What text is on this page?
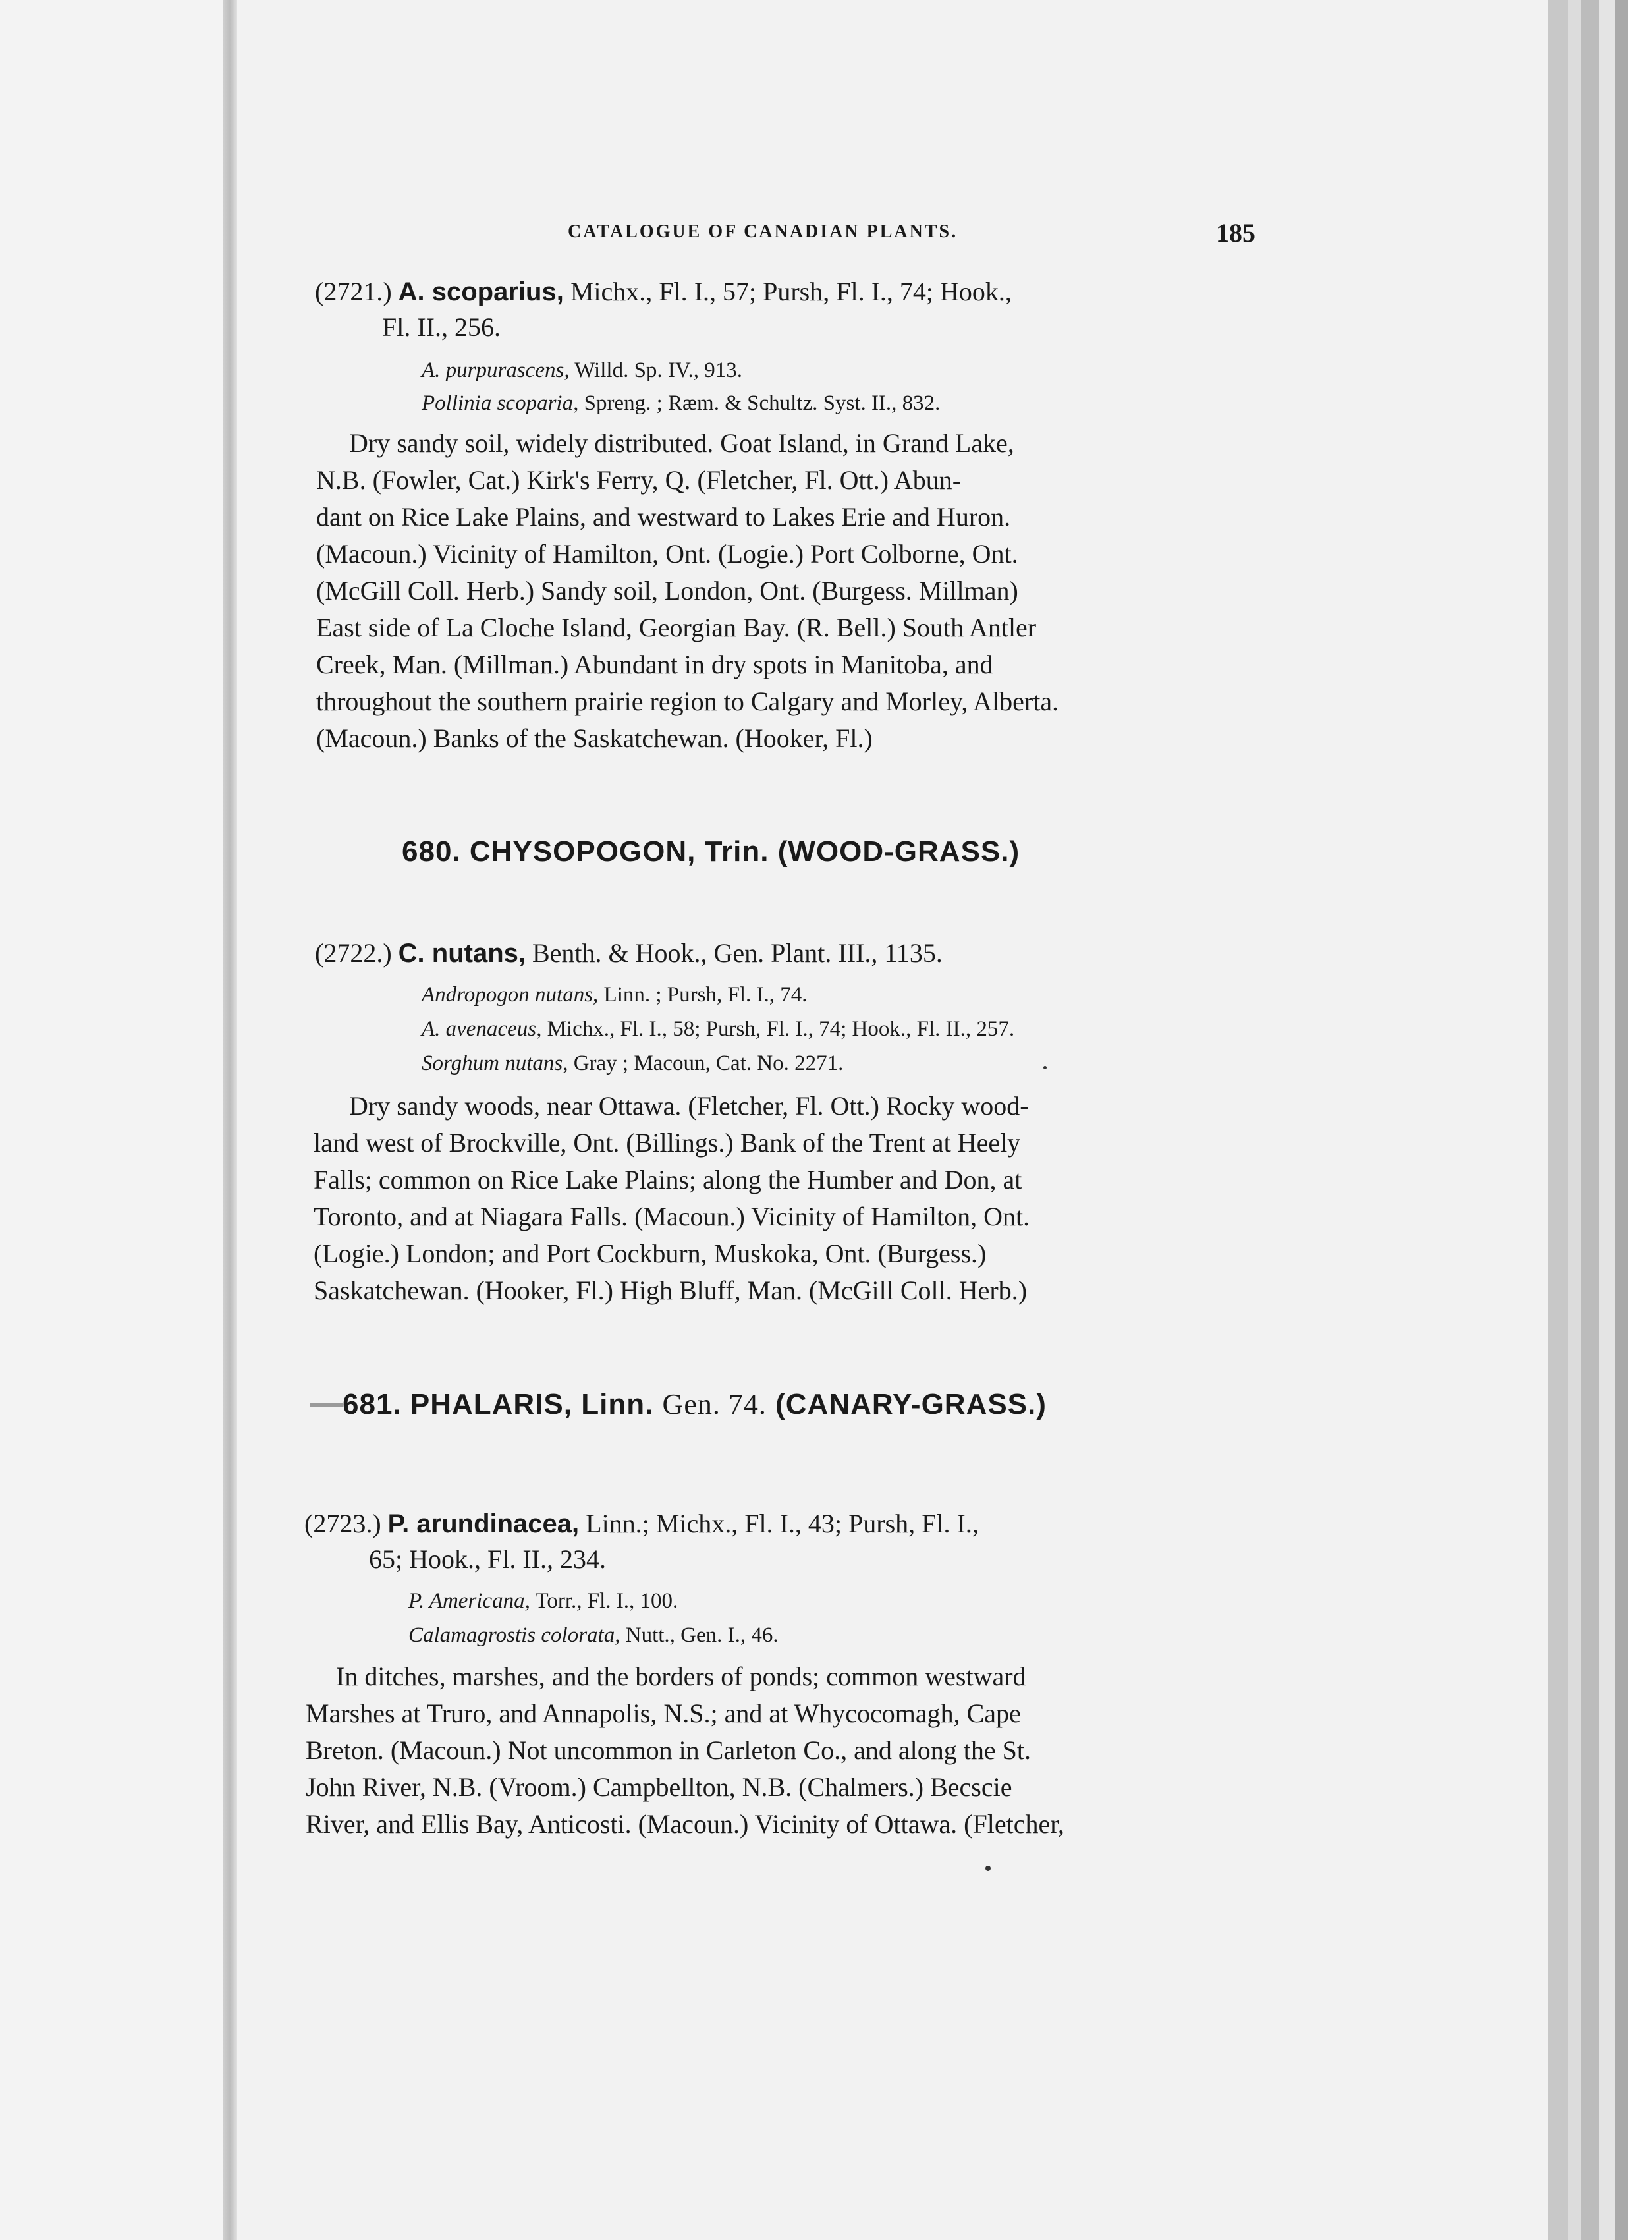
CATALOGUE OF CANADIAN PLANTS.	185
(2721.) A. scoparius, Michx., Fl. I., 57; Pursh, Fl. I., 74; Hook.,
Fl. II., 256.
A. purpurascens, Willd. Sp. IV., 913.
Pollinia scoparia, Spreng. ; Ræm. & Schultz. Syst. II., 832.
Dry sandy soil, widely distributed. Goat Island, in Grand Lake,
N.B. (Fowler, Cat.) Kirk's Ferry, Q. (Fletcher, Fl. Ott.) Abun-
dant on Rice Lake Plains, and westward to Lakes Erie and Huron.
(Macoun.) Vicinity of Hamilton, Ont. (Logie.) Port Colborne, Ont.
(McGill Coll. Herb.) Sandy soil, London, Ont. (Burgess. Millman)
East side of La Cloche Island, Georgian Bay. (R. Bell.) South Antler
Creek, Man. (Millman.) Abundant in dry spots in Manitoba, and
throughout the southern prairie region to Calgary and Morley, Alberta.
(Macoun.) Banks of the Saskatchewan. (Hooker, Fl.)
680. CHYSOPOGON, Trin. (WOOD-GRASS.)
(2722.) C. nutans, Benth. & Hook., Gen. Plant. III., 1135.
Andropogon nutans, Linn. ; Pursh, Fl. I., 74.
A. avenaceus, Michx., Fl. I., 58; Pursh, Fl. I., 74; Hook., Fl. II., 257.
Sorghum nutans, Gray ; Macoun, Cat. No. 2271.
Dry sandy woods, near Ottawa. (Fletcher, Fl. Ott.) Rocky wood-
land west of Brockville, Ont. (Billings.) Bank of the Trent at Heely
Falls; common on Rice Lake Plains; along the Humber and Don, at
Toronto, and at Niagara Falls. (Macoun.) Vicinity of Hamilton, Ont.
(Logie.) London; and Port Cockburn, Muskoka, Ont. (Burgess.)
Saskatchewan. (Hooker, Fl.) High Bluff, Man. (McGill Coll. Herb.)
681. PHALARIS, Linn. Gen. 74. (CANARY-GRASS.)
(2723.) P. arundinacea, Linn.; Michx., Fl. I., 43; Pursh, Fl. I.,
65; Hook., Fl. II., 234.
P. Americana, Torr., Fl. I., 100.
Calamagrostis colorata, Nutt., Gen. I., 46.
In ditches, marshes, and the borders of ponds; common westward
Marshes at Truro, and Annapolis, N.S.; and at Whycocomagh, Cape
Breton. (Macoun.) Not uncommon in Carleton Co., and along the St.
John River, N.B. (Vroom.) Campbellton, N.B. (Chalmers.) Becscie
River, and Ellis Bay, Anticosti. (Macoun.) Vicinity of Ottawa. (Fletcher,
